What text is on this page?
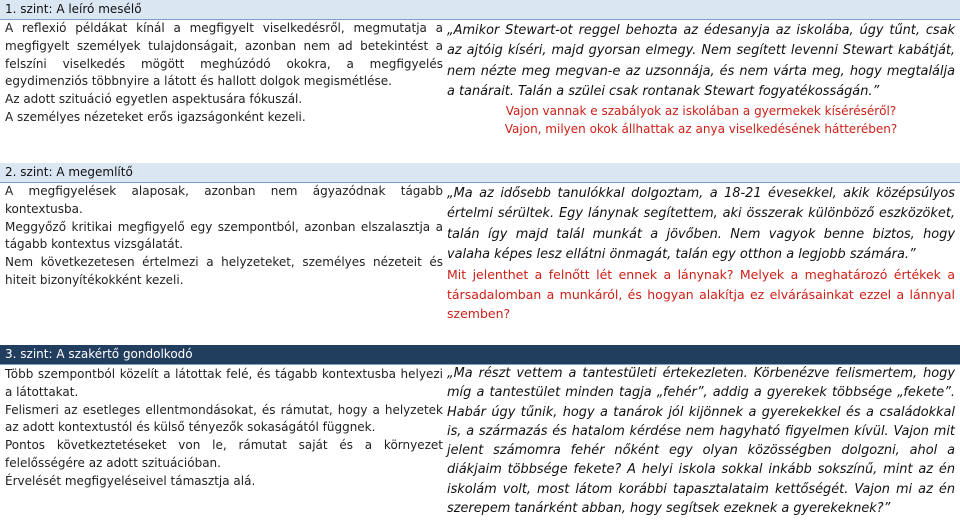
1. szint: A leíró mesélő

A reflexió példákat kínál a megfigyelt viselkedésről, megmutatja a megfigyelt személyek tulajdonságait, azonban nem ad betekintést a felszíni viselkedés mögött meghúzódó okokra, a megfigyelés egydimenziós többnyire a látott és hallott dolgok megismétlése.

Az adott szituáció egyetlen aspektusára fókuszál.

A személyes nézeteket erős igazságonként kezeli.

„Amikor Stewart-ot reggel behozta az édesanyja az iskolába, úgy tűnt, csak az ajtóig kíséri, majd gyorsan elmegy. Nem segített levenni Stewart kabátját, nem nézte meg megvan-e az uzsonnája, és nem várta meg, hogy megtalálja a tanárait. Talán a szülei csak rontanak Stewart fogyatékosságán.”

Vajon vannak e szabályok az iskolában a gyermekek kíséréséről?

Vajon, milyen okok állhattak az anya viselkedésének hátterében?

2. szint: A megemlítő

A megfigyelések alaposak, azonban nem ágyazódnak tágabb kontextusba.

Meggyőző kritikai megfigyelő egy szempontból, azonban elszalasztja a tágabb kontextus vizsgálatát.

Nem következetesen értelmezi a helyzeteket, személyes nézeteit és hiteit bizonyítékokként kezeli.

„Ma az idősebb tanulókkal dolgoztam, a 18-21 évesekkel, akik középsúlyos értelmi sérültek. Egy lánynak segítettem, aki összerak különböző eszközöket, talán így majd talál munkát a jövőben. Nem vagyok benne biztos, hogy valaha képes lesz ellátni önmagát, talán egy otthon a legjobb számára.”

Mit jelenthet a felnőtt lét ennek a lánynak? Melyek a meghatározó értékek a társadalomban a munkáról, és hogyan alakítja ez elvárásainkat ezzel a lánnyal szemben?

3. szint: A szakértő gondolkodó

Több szempontból közelít a látottak felé, és tágabb kontextusba helyezi a látottakat.

Felismeri az esetleges ellentmondásokat, és rámutat, hogy a helyzetek az adott kontextustól és külső tényezők sokaságától függnek.

Pontos következtetéseket von le, rámutat saját és a környezet felelősségére az adott szituációban.

Érvelését megfigyeléseivel támasztja alá.

„Ma részt vettem a tantestületi értekezleten. Körbenézve felismertem, hogy míg a tantestület minden tagja „fehér”, addig a gyerekek többsége „fekete”. Habár úgy tűnik, hogy a tanárok jól kijönnek a gyerekekkel és a családokkal is, a származás és hatalom kérdése nem hagyható figyelmen kívül. Vajon mit jelent számomra fehér nőként egy olyan közösségben dolgozni, ahol a diákjaim többsége fekete? A helyi iskola sokkal inkább sokszínű, mint az én iskolám volt, most látom korábbi tapasztalataim kettőségét. Vajon mi az én szerepem tanárként abban, hogy segítsek ezeknek a gyerekeknek?”
